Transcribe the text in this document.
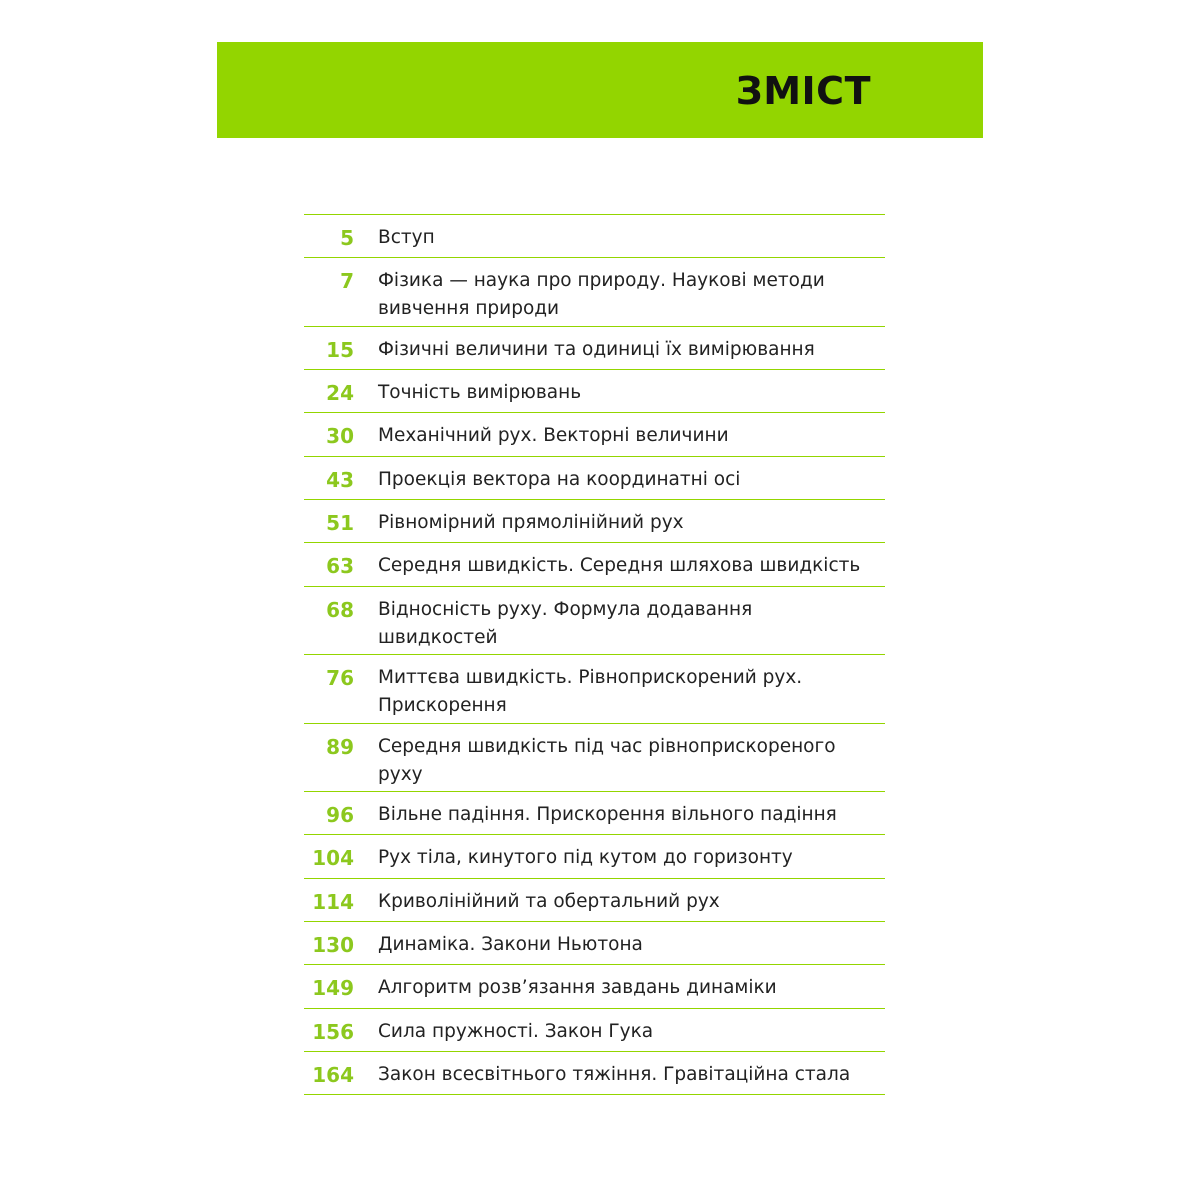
ЗМІСТ
5 Вступ
7 Фізика — наука про природу. Наукові методи
вивчення природи
15 Фізичні величини та одиниці їх вимірювання
24 Точність вимірювань
30 Механічний рух. Векторні величини
43 Проекція вектора на координатні осі
51 Рівномірний прямолінійний рух
63 Середня швидкість. Середня шляхова швидкість
68 Відносність руху. Формула додавання
швидкостей
76 Миттєва швидкість. Рівноприскорений рух.
Прискорення
89 Середня швидкість під час рівноприскореного
руху
96 Вільне падіння. Прискорення вільного падіння
104 Рух тіла, кинутого під кутом до горизонту
114 Криволінійний та обертальний рух
130 Динаміка. Закони Ньютона
149 Алгоритм розв’язання завдань динаміки
156 Сила пружності. Закон Гука
164 Закон всесвітнього тяжіння. Гравітаційна стала
